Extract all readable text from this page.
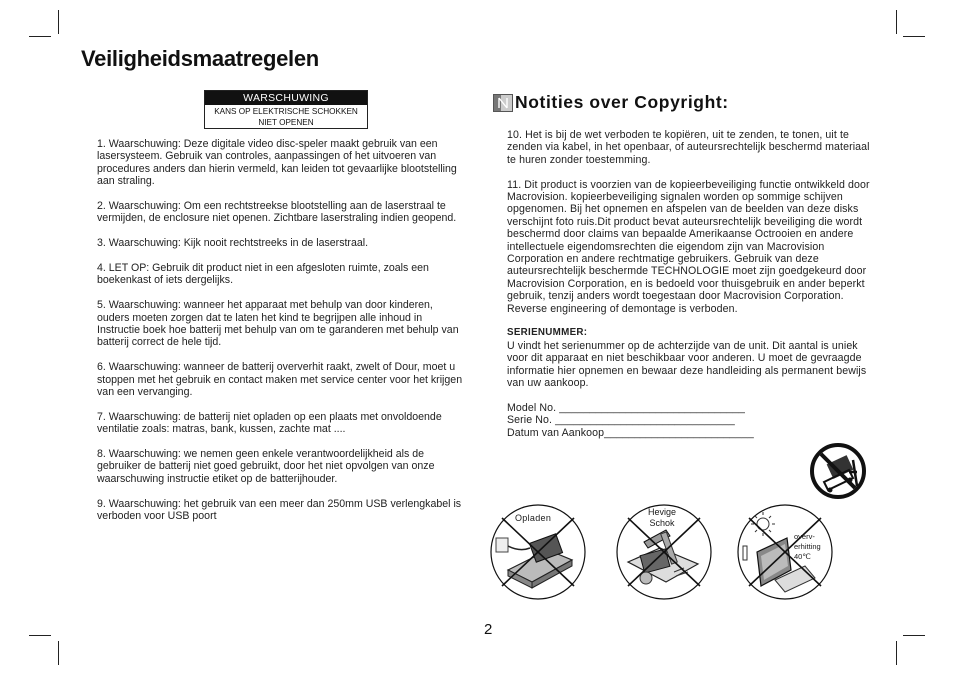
Veiligheidsmaatregelen
WARSCHUWING
KANS OP ELEKTRISCHE SCHOKKEN
NIET OPENEN

1. Waarschuwing: Deze digitale video disc-speler maakt gebruik van een lasersysteem. Gebruik van controles, aanpassingen of het uitvoeren van procedures anders dan hierin vermeld, kan leiden tot gevaarlijke blootstelling aan straling.

2. Waarschuwing: Om een rechtstreekse blootstelling aan de laserstraal te vermijden, de enclosure niet openen. Zichtbare laserstraling indien geopend.

3. Waarschuwing: Kijk nooit rechtstreeks in de laserstraal.

4. LET OP: Gebruik dit product niet in een afgesloten ruimte, zoals een boekenkast of iets dergelijks.

5. Waarschuwing: wanneer het apparaat met behulp van door kinderen, ouders moeten zorgen dat te laten het kind te begrijpen alle inhoud in Instructie boek hoe batterij met behulp van om te garanderen met behulp van batterij correct de hele tijd.

6. Waarschuwing: wanneer de batterij oververhit raakt, zwelt of Dour, moet u stoppen met het gebruik en contact maken met service center voor het krijgen van een vervanging.

7. Waarschuwing: de batterij niet opladen op een plaats met onvoldoende ventilatie zoals: matras, bank, kussen, zachte mat ....

8. Waarschuwing: we nemen geen enkele verantwoordelijkheid als de gebruiker de batterij niet goed gebruikt, door het niet opvolgen van onze waarschuwing instructie etiket op de batterijhouder.

9. Waarschuwing: het gebruik van een meer dan 250mm USB verlengkabel is verboden voor USB poort

Notities over Copyright:

10. Het is bij de wet verboden te kopiëren, uit te zenden, te tonen, uit te zenden via kabel, in het openbaar, of auteursrechtelijk beschermd materiaal te huren zonder toestemming.

11. Dit product is voorzien van de kopieerbeveiliging functie ontwikkeld door Macrovision. kopieerbeveiliging signalen worden op sommige schijven opgenomen. Bij het opnemen en afspelen van de beelden van deze disks verschijnt foto ruis.Dit product bevat auteursrechtelijk beveiliging die wordt beschermd door claims van bepaalde Amerikaanse Octrooien en andere intellectuele eigendomsrechten die eigendom zijn van Macrovision Corporation en andere rechtmatige gebruikers. Gebruik van deze auteursrechtelijk beschermde TECHNOLOGIE moet zijn goedgekeurd door Macrovision Corporation, en is bedoeld voor thuisgebruik en ander beperkt gebruik, tenzij anders wordt toegestaan door Macrovision Corporation. Reverse engineering of demontage is verboden.

SERIENUMMER:

U vindt het serienummer op de achterzijde van de unit. Dit aantal is uniek voor dit apparaat en niet beschikbaar voor anderen. U moet de gevraagde informatie hier opnemen en bewaar deze handleiding als permanent bewijs van uw aankoop.

Model No. _______________________________
Serie No. ______________________________
Datum van Aankoop_________________________
Opladen
Hevige
Schok
overv-
erhitting
40℃
2
